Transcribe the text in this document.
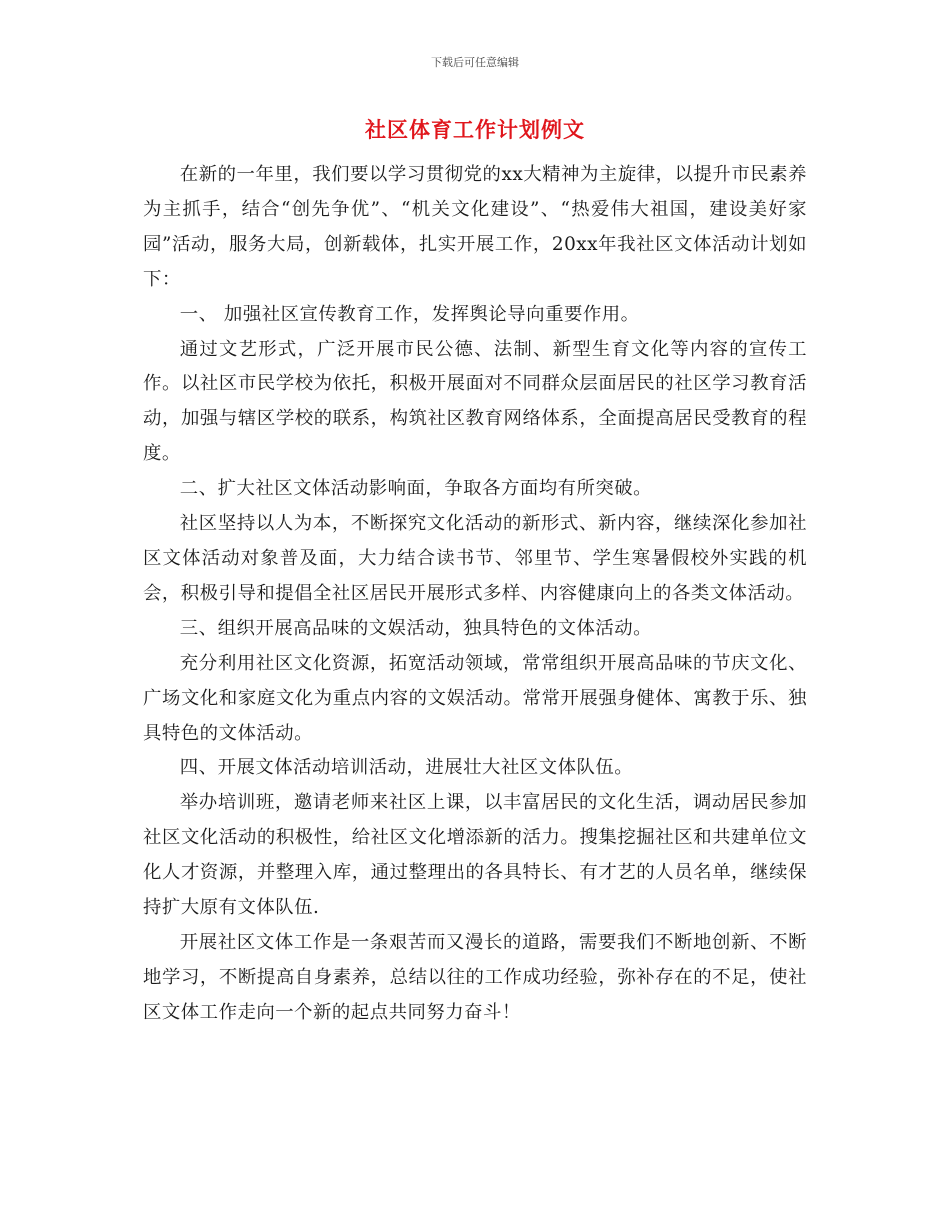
下载后可任意编辑
社区体育工作计划例文

在新的一年里，我们要以学习贯彻党的xx大精神为主旋律，以提升市民素养为主抓手，结合“创先争优”、“机关文化建设”、“热爱伟大祖国，建设美好家园”活动，服务大局，创新载体，扎实开展工作，20xx年我社区文体活动计划如下：

一、 加强社区宣传教育工作，发挥舆论导向重要作用。

通过文艺形式，广泛开展市民公德、法制、新型生育文化等内容的宣传工作。以社区市民学校为依托，积极开展面对不同群众层面居民的社区学习教育活动，加强与辖区学校的联系，构筑社区教育网络体系，全面提高居民受教育的程度。

二、扩大社区文体活动影响面，争取各方面均有所突破。

社区坚持以人为本，不断探究文化活动的新形式、新内容，继续深化参加社区文体活动对象普及面，大力结合读书节、邻里节、学生寒暑假校外实践的机会，积极引导和提倡全社区居民开展形式多样、内容健康向上的各类文体活动。

三、组织开展高品味的文娱活动，独具特色的文体活动。

充分利用社区文化资源，拓宽活动领域，常常组织开展高品味的节庆文化、广场文化和家庭文化为重点内容的文娱活动。常常开展强身健体、寓教于乐、独具特色的文体活动。

四、开展文体活动培训活动，进展壮大社区文体队伍。

举办培训班，邀请老师来社区上课，以丰富居民的文化生活，调动居民参加社区文化活动的积极性，给社区文化增添新的活力。搜集挖掘社区和共建单位文化人才资源，并整理入库，通过整理出的各具特长、有才艺的人员名单，继续保持扩大原有文体队伍.

开展社区文体工作是一条艰苦而又漫长的道路，需要我们不断地创新、不断地学习，不断提高自身素养，总结以往的工作成功经验，弥补存在的不足，使社区文体工作走向一个新的起点共同努力奋斗！
